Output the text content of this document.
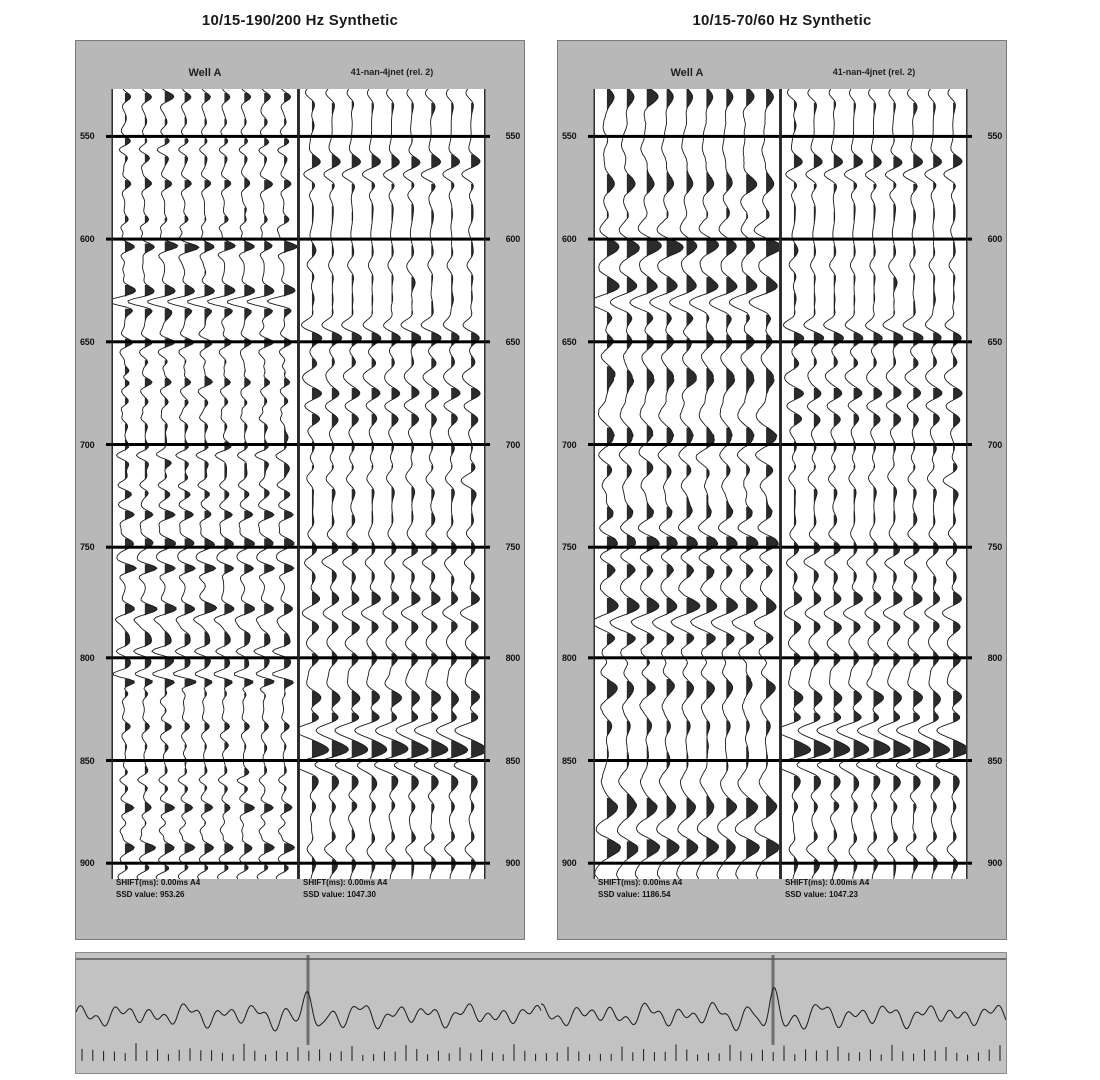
10/15-190/200 Hz Synthetic	10/15-70/60 Hz Synthetic
Well A	41-nan-4jnet (rel. 2)
SHIFT(ms): 0.00ms A4
SSD value: 953.26
SHIFT(ms): 0.00ms A4
SSD value: 1047.30
550
600
650
700
750
800
850
900
550
600
650
700
750
800
850
900
Well A	41-nan-4jnet (rel. 2)
SHIFT(ms): 0.00ms A4
SSD value: 1186.54
SHIFT(ms): 0.00ms A4
SSD value: 1047.23
550
600
650
700
750
800
850
900
550
600
650
700
750
800
850
900
